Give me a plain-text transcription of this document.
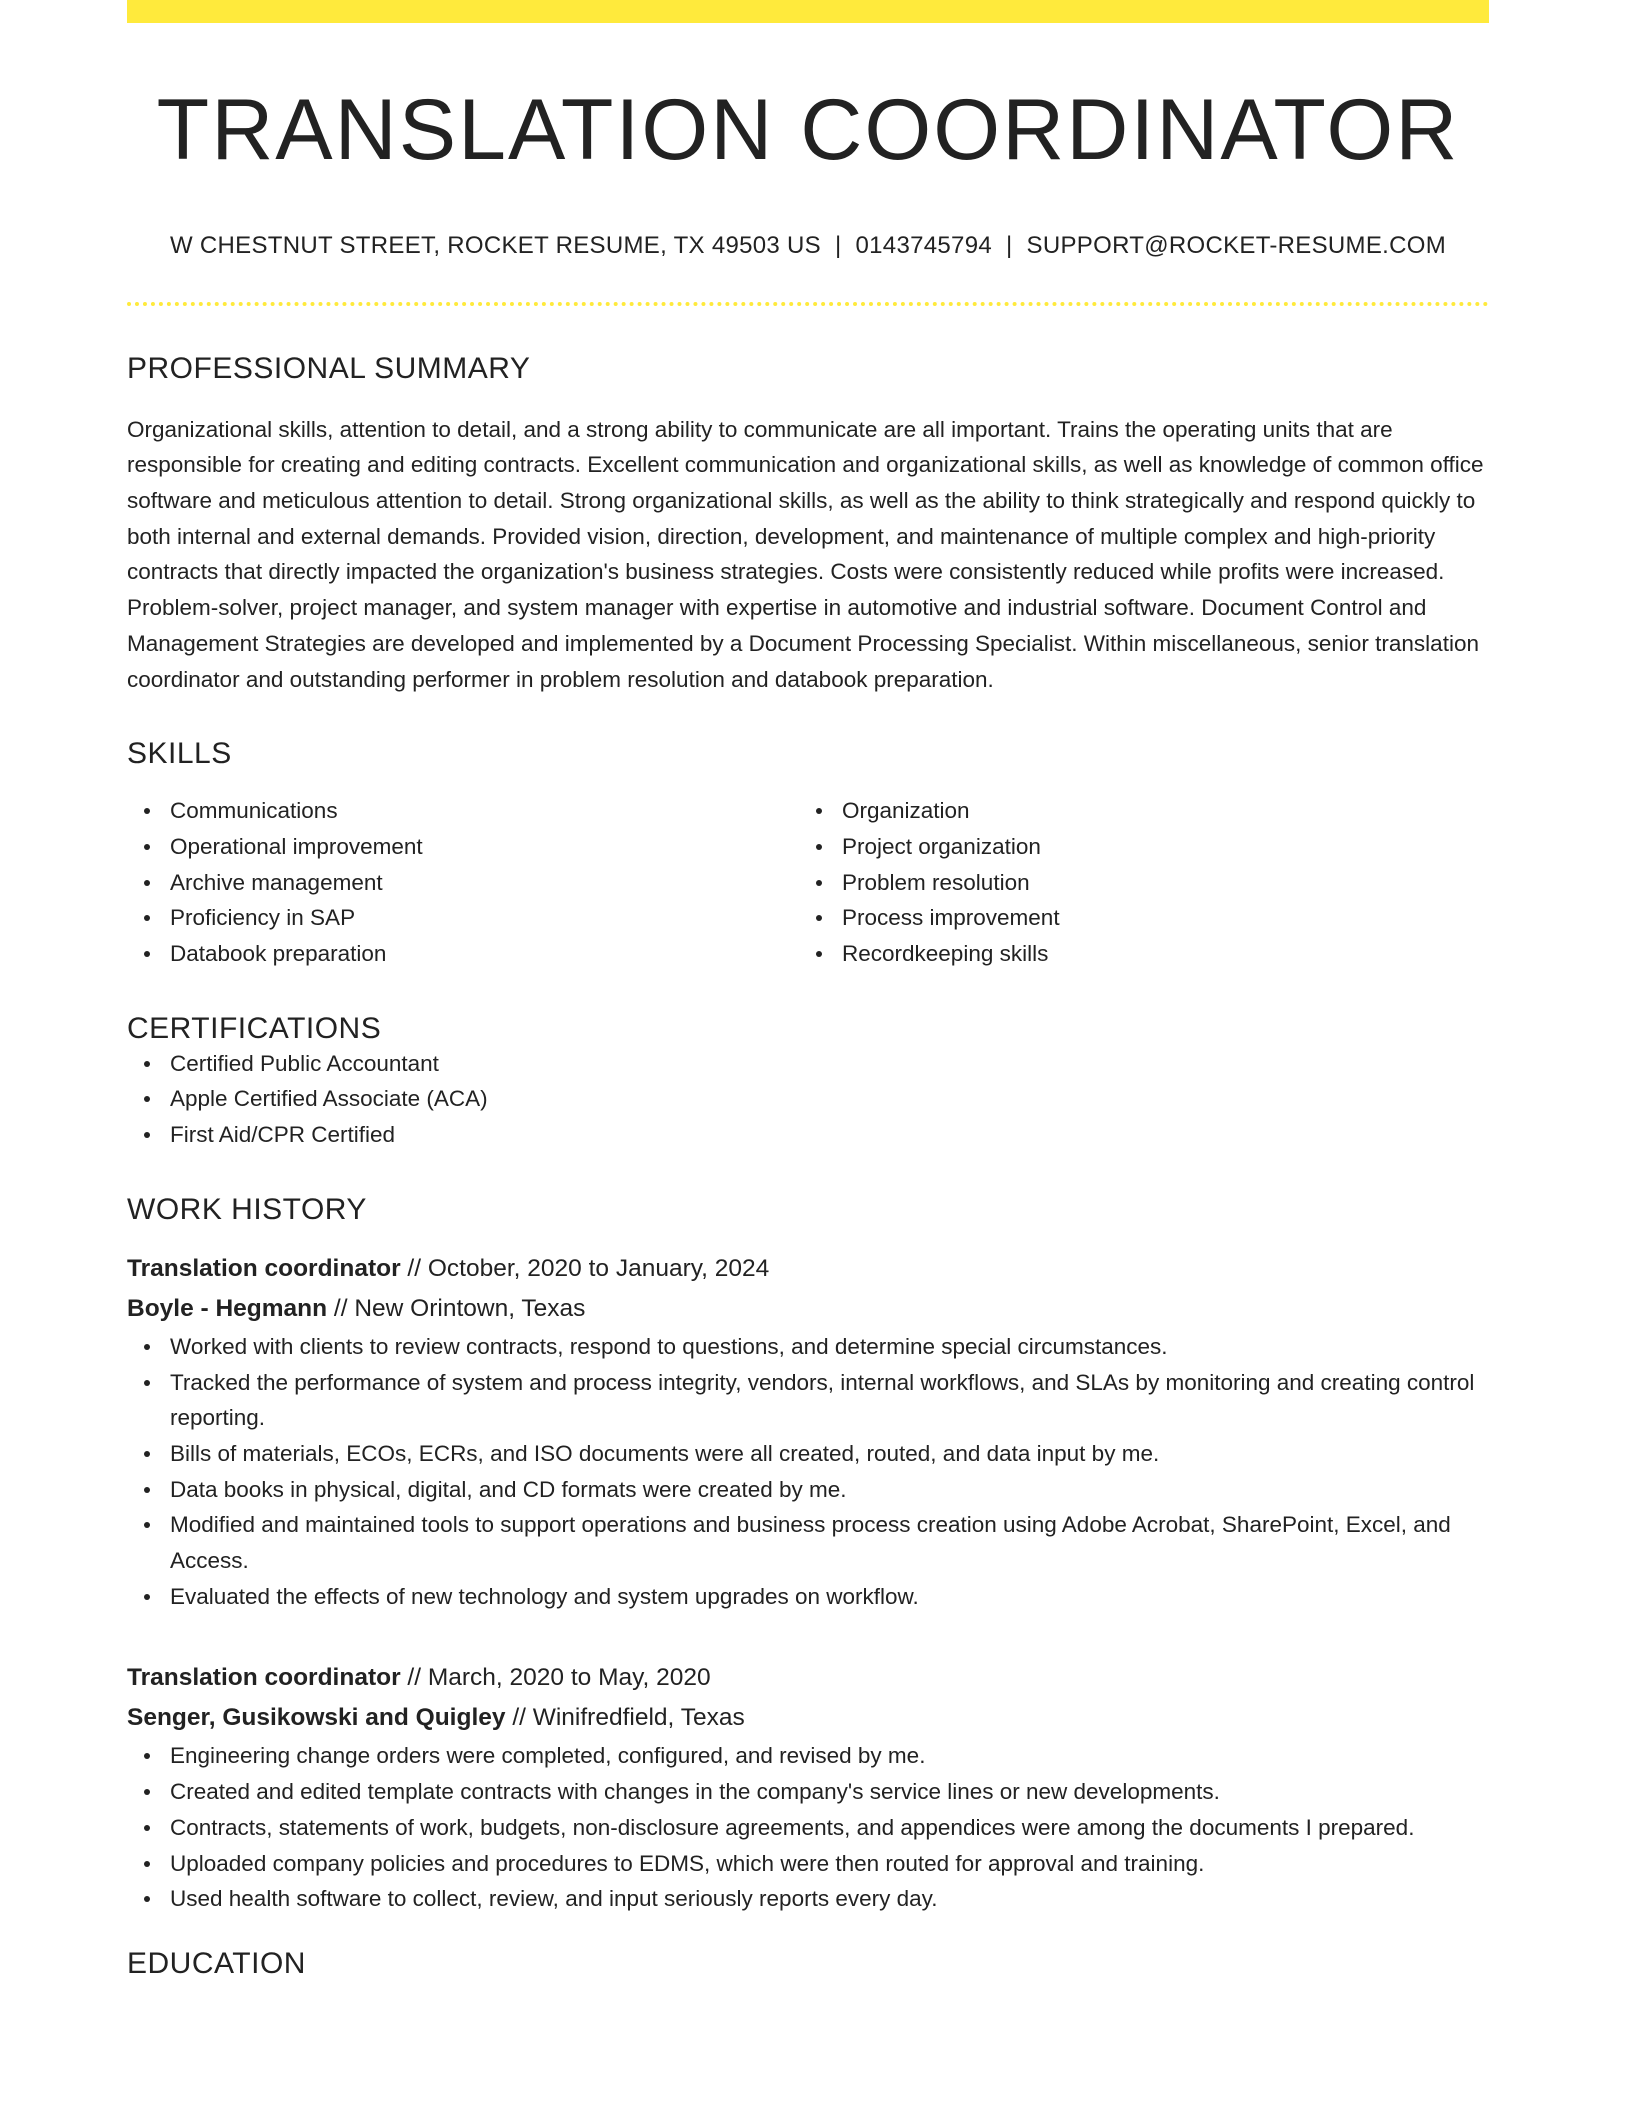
TRANSLATION COORDINATOR
W CHESTNUT STREET, ROCKET RESUME, TX 49503 US | 0143745794 | SUPPORT@ROCKET-RESUME.COM
PROFESSIONAL SUMMARY

Organizational skills, attention to detail, and a strong ability to communicate are all important. Trains the operating units that are responsible for creating and editing contracts. Excellent communication and organizational skills, as well as knowledge of common office software and meticulous attention to detail. Strong organizational skills, as well as the ability to think strategically and respond quickly to both internal and external demands. Provided vision, direction, development, and maintenance of multiple complex and high-priority contracts that directly impacted the organization's business strategies. Costs were consistently reduced while profits were increased. Problem-solver, project manager, and system manager with expertise in automotive and industrial software. Document Control and Management Strategies are developed and implemented by a Document Processing Specialist. Within miscellaneous, senior translation coordinator and outstanding performer in problem resolution and databook preparation.

SKILLS
Communications
Operational improvement
Archive management
Proficiency in SAP
Databook preparation
Organization
Project organization
Problem resolution
Process improvement
Recordkeeping skills
CERTIFICATIONS
Certified Public Accountant
Apple Certified Associate (ACA)
First Aid/CPR Certified
WORK HISTORY
Translation coordinator // October, 2020 to January, 2024
Boyle - Hegmann // New Orintown, Texas
Worked with clients to review contracts, respond to questions, and determine special circumstances.
Tracked the performance of system and process integrity, vendors, internal workflows, and SLAs by monitoring and creating control reporting.
Bills of materials, ECOs, ECRs, and ISO documents were all created, routed, and data input by me.
Data books in physical, digital, and CD formats were created by me.
Modified and maintained tools to support operations and business process creation using Adobe Acrobat, SharePoint, Excel, and Access.
Evaluated the effects of new technology and system upgrades on workflow.
Translation coordinator // March, 2020 to May, 2020
Senger, Gusikowski and Quigley // Winifredfield, Texas
Engineering change orders were completed, configured, and revised by me.
Created and edited template contracts with changes in the company's service lines or new developments.
Contracts, statements of work, budgets, non-disclosure agreements, and appendices were among the documents I prepared.
Uploaded company policies and procedures to EDMS, which were then routed for approval and training.
Used health software to collect, review, and input seriously reports every day.
EDUCATION
